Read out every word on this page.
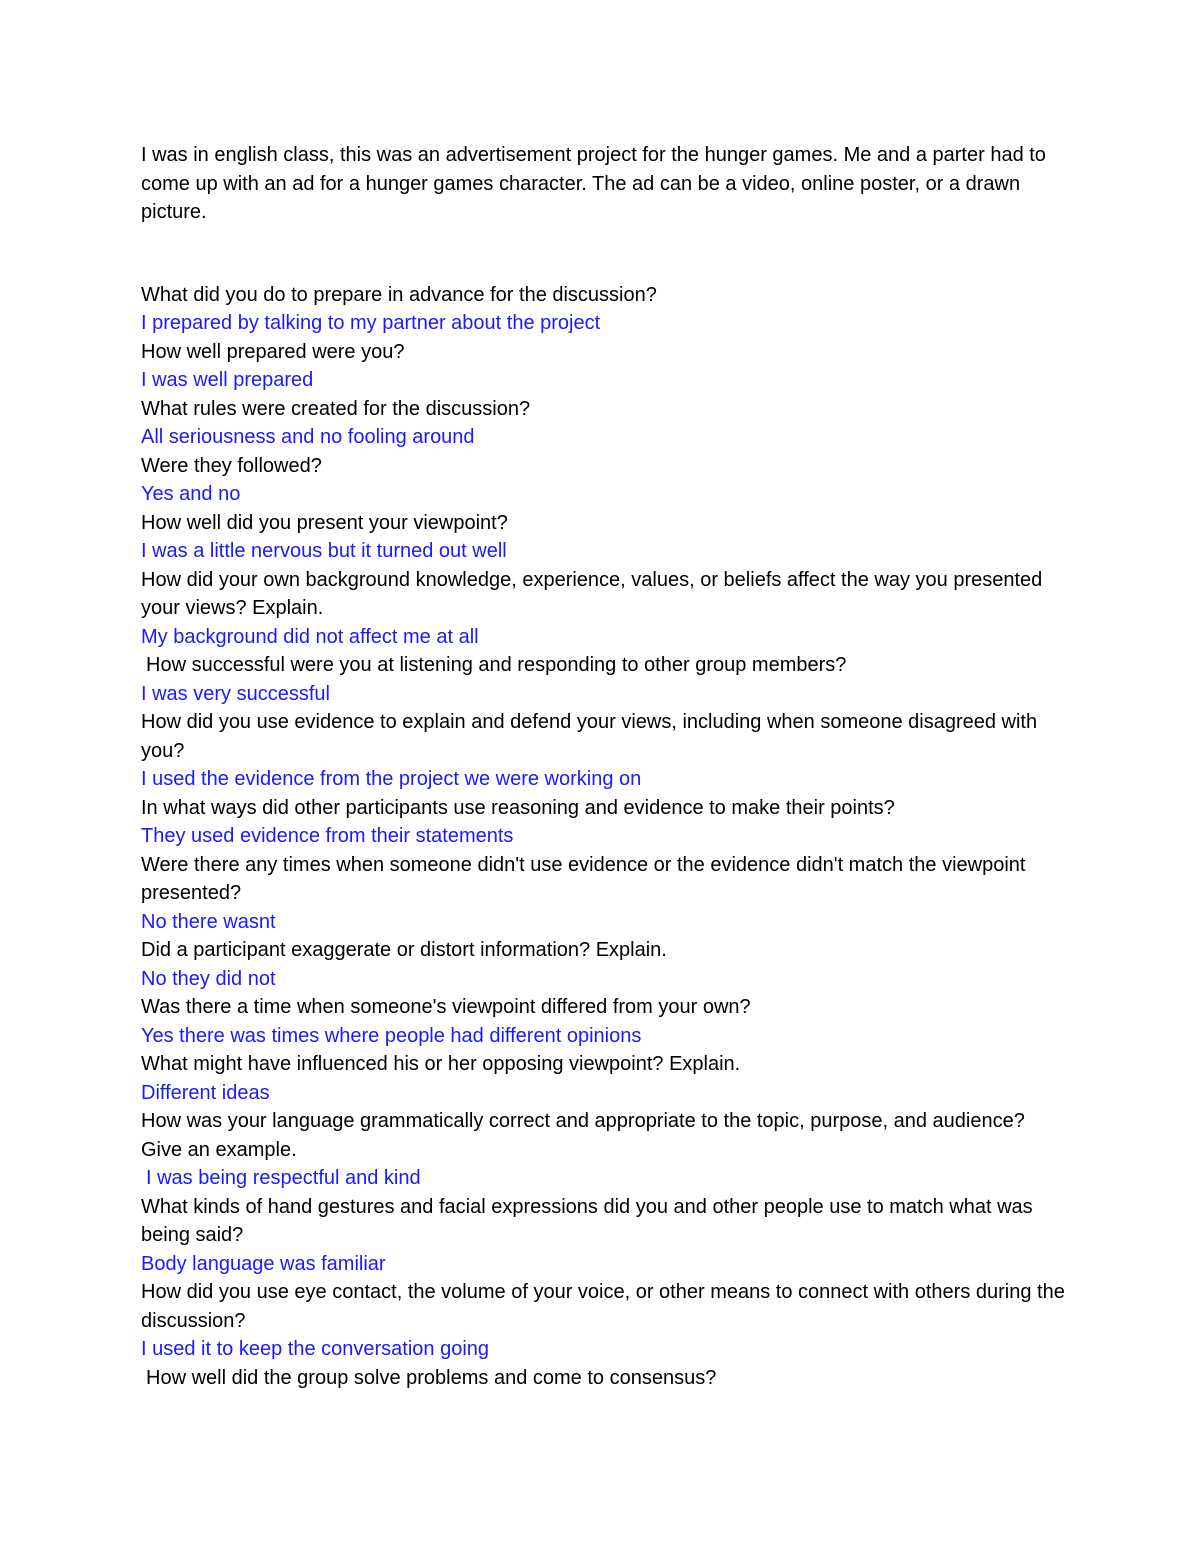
I was in english class, this was an advertisement project for the hunger games. Me and a parter had to come up with an ad for a hunger games character. The ad can be a video, online poster, or a drawn picture.

What did you do to prepare in advance for the discussion?
I prepared by talking to my partner about the project
How well prepared were you?
I was well prepared
What rules were created for the discussion?
All seriousness and no fooling around
Were they followed?
Yes and no
How well did you present your viewpoint?
I was a little nervous but it turned out well
How did your own background knowledge, experience, values, or beliefs affect the way you presented your views? Explain.
My background did not affect me at all
How successful were you at listening and responding to other group members?
I was very successful
How did you use evidence to explain and defend your views, including when someone disagreed with you?
I used the evidence from the project we were working on
In what ways did other participants use reasoning and evidence to make their points?
They used evidence from their statements
Were there any times when someone didn't use evidence or the evidence didn't match the viewpoint presented?
No there wasnt
Did a participant exaggerate or distort information? Explain.
No they did not
Was there a time when someone's viewpoint differed from your own?
Yes there was times where people had different opinions
What might have influenced his or her opposing viewpoint? Explain.
Different ideas
How was your language grammatically correct and appropriate to the topic, purpose, and audience? Give an example.
I was being respectful and kind
What kinds of hand gestures and facial expressions did you and other people use to match what was being said?
Body language was familiar
How did you use eye contact, the volume of your voice, or other means to connect with others during the discussion?
I used it to keep the conversation going
How well did the group solve problems and come to consensus?
